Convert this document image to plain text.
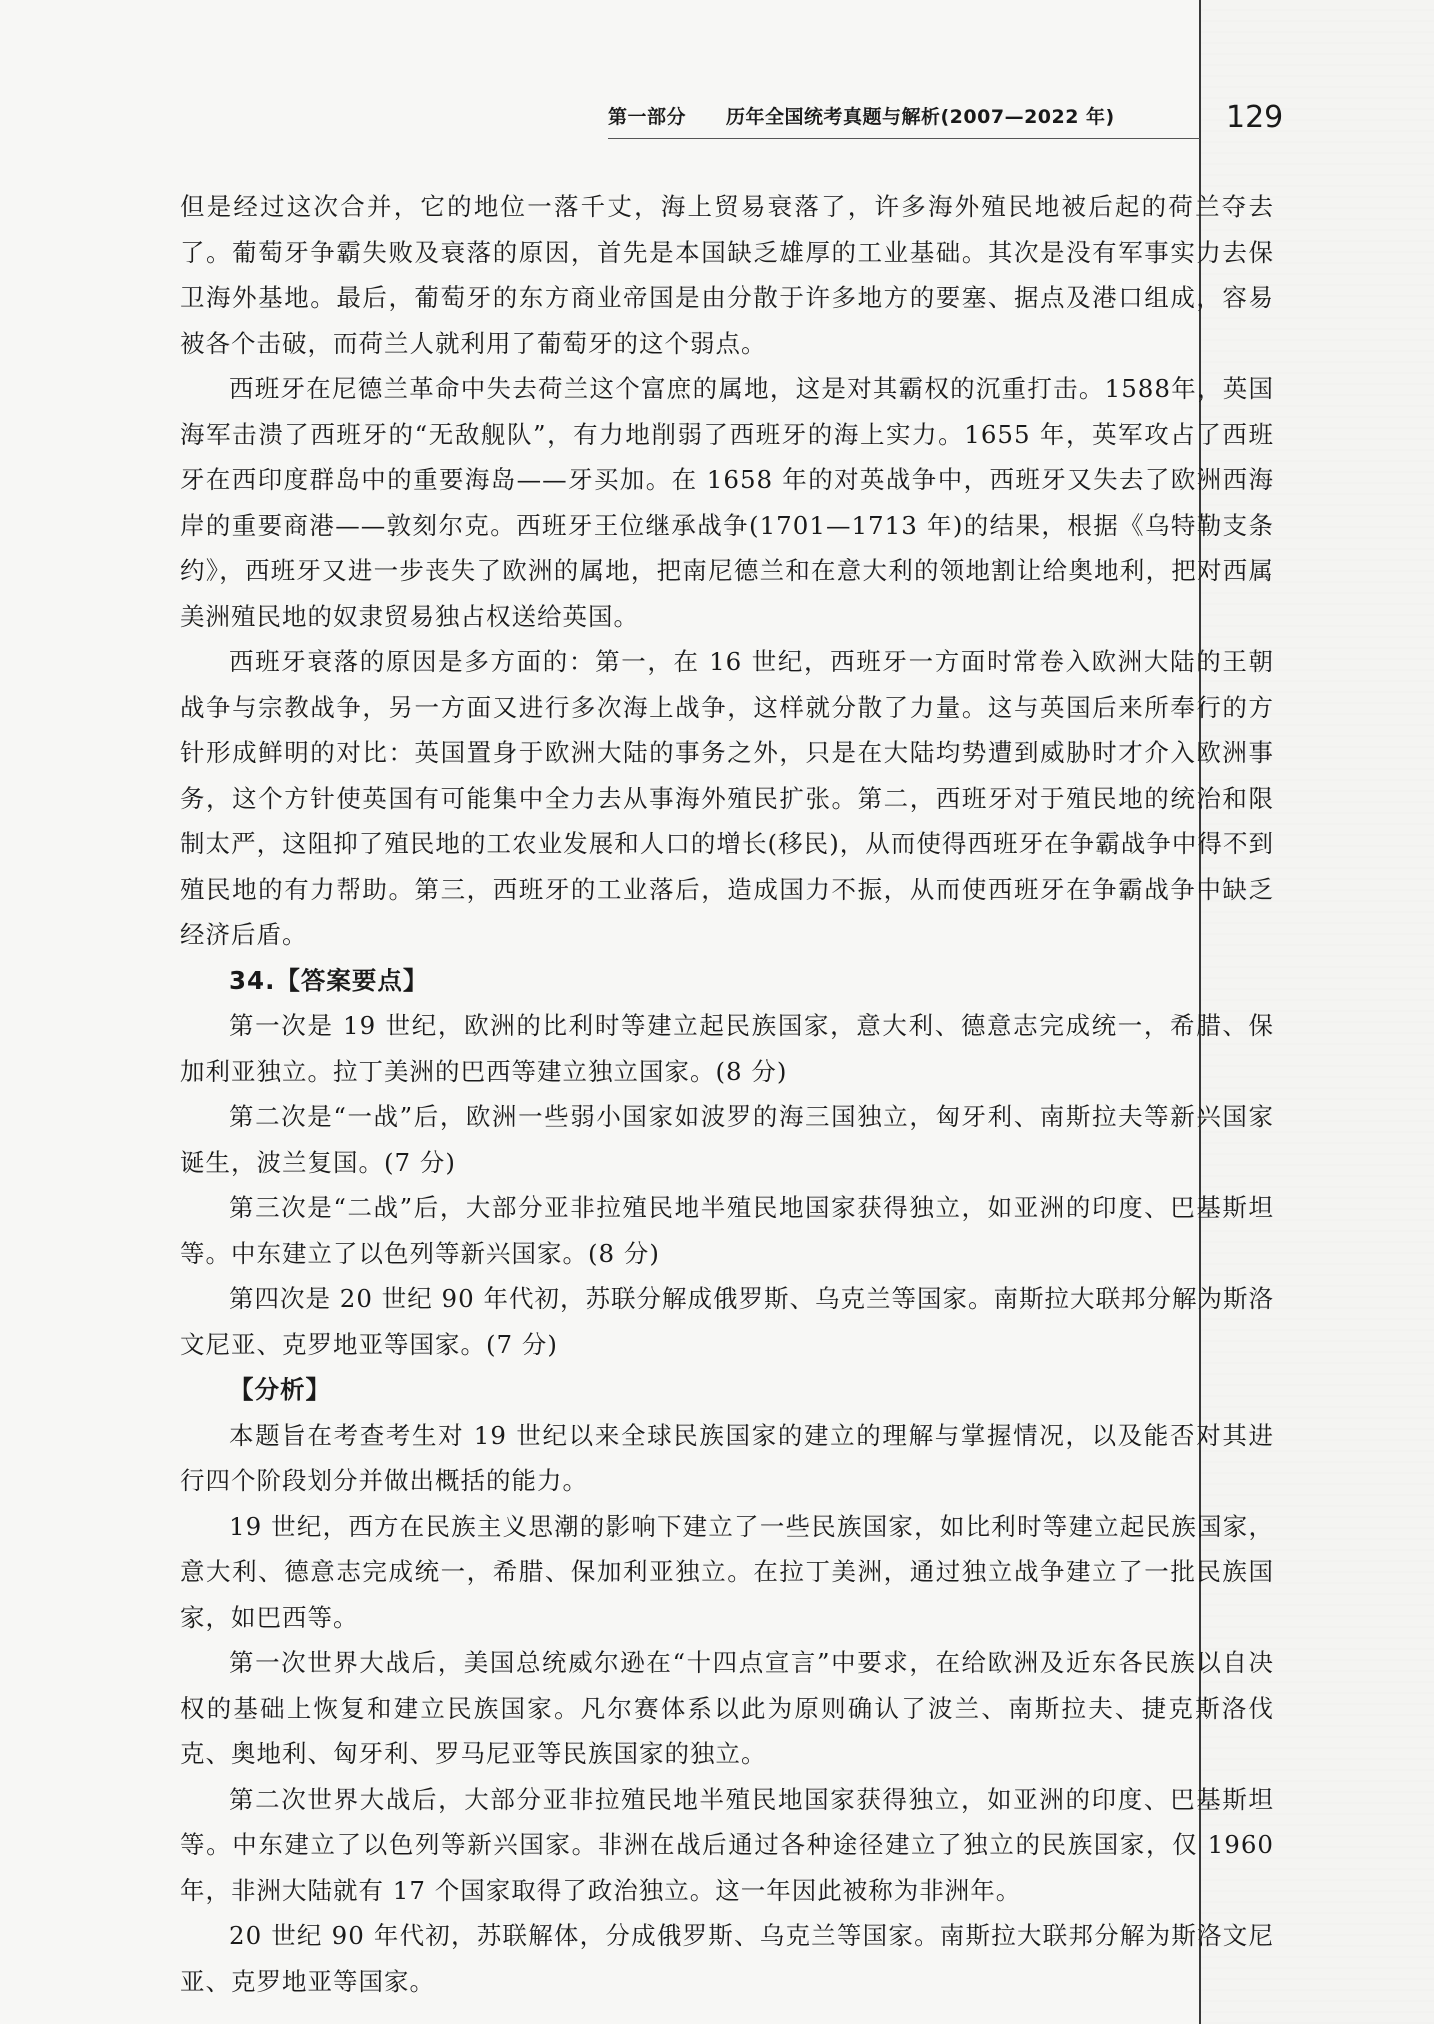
第一部分 历年全国统考真题与解析(2007—2022 年)	129

但是经过这次合并，它的地位一落千丈，海上贸易衰落了，许多海外殖民地被后起的荷兰夺去了。葡萄牙争霸失败及衰落的原因，首先是本国缺乏雄厚的工业基础。其次是没有军事实力去保卫海外基地。最后，葡萄牙的东方商业帝国是由分散于许多地方的要塞、据点及港口组成，容易被各个击破，而荷兰人就利用了葡萄牙的这个弱点。

西班牙在尼德兰革命中失去荷兰这个富庶的属地，这是对其霸权的沉重打击。1588年，英国海军击溃了西班牙的“无敌舰队”，有力地削弱了西班牙的海上实力。1655 年，英军攻占了西班牙在西印度群岛中的重要海岛——牙买加。在 1658 年的对英战争中，西班牙又失去了欧洲西海岸的重要商港——敦刻尔克。西班牙王位继承战争(1701—1713 年)的结果，根据《乌特勒支条约》，西班牙又进一步丧失了欧洲的属地，把南尼德兰和在意大利的领地割让给奥地利，把对西属美洲殖民地的奴隶贸易独占权送给英国。

西班牙衰落的原因是多方面的：第一，在 16 世纪，西班牙一方面时常卷入欧洲大陆的王朝战争与宗教战争，另一方面又进行多次海上战争，这样就分散了力量。这与英国后来所奉行的方针形成鲜明的对比：英国置身于欧洲大陆的事务之外，只是在大陆均势遭到威胁时才介入欧洲事务，这个方针使英国有可能集中全力去从事海外殖民扩张。第二，西班牙对于殖民地的统治和限制太严，这阻抑了殖民地的工农业发展和人口的增长(移民)，从而使得西班牙在争霸战争中得不到殖民地的有力帮助。第三，西班牙的工业落后，造成国力不振，从而使西班牙在争霸战争中缺乏经济后盾。

34.【答案要点】

第一次是 19 世纪，欧洲的比利时等建立起民族国家，意大利、德意志完成统一，希腊、保加利亚独立。拉丁美洲的巴西等建立独立国家。(8 分)

第二次是“一战”后，欧洲一些弱小国家如波罗的海三国独立，匈牙利、南斯拉夫等新兴国家诞生，波兰复国。(7 分)

第三次是“二战”后，大部分亚非拉殖民地半殖民地国家获得独立，如亚洲的印度、巴基斯坦等。中东建立了以色列等新兴国家。(8 分)

第四次是 20 世纪 90 年代初，苏联分解成俄罗斯、乌克兰等国家。南斯拉大联邦分解为斯洛文尼亚、克罗地亚等国家。(7 分)

【分析】

本题旨在考查考生对 19 世纪以来全球民族国家的建立的理解与掌握情况，以及能否对其进行四个阶段划分并做出概括的能力。

19 世纪，西方在民族主义思潮的影响下建立了一些民族国家，如比利时等建立起民族国家，意大利、德意志完成统一，希腊、保加利亚独立。在拉丁美洲，通过独立战争建立了一批民族国家，如巴西等。

第一次世界大战后，美国总统威尔逊在“十四点宣言”中要求，在给欧洲及近东各民族以自决权的基础上恢复和建立民族国家。凡尔赛体系以此为原则确认了波兰、南斯拉夫、捷克斯洛伐克、奥地利、匈牙利、罗马尼亚等民族国家的独立。

第二次世界大战后，大部分亚非拉殖民地半殖民地国家获得独立，如亚洲的印度、巴基斯坦等。中东建立了以色列等新兴国家。非洲在战后通过各种途径建立了独立的民族国家，仅 1960 年，非洲大陆就有 17 个国家取得了政治独立。这一年因此被称为非洲年。

20 世纪 90 年代初，苏联解体，分成俄罗斯、乌克兰等国家。南斯拉大联邦分解为斯洛文尼亚、克罗地亚等国家。
